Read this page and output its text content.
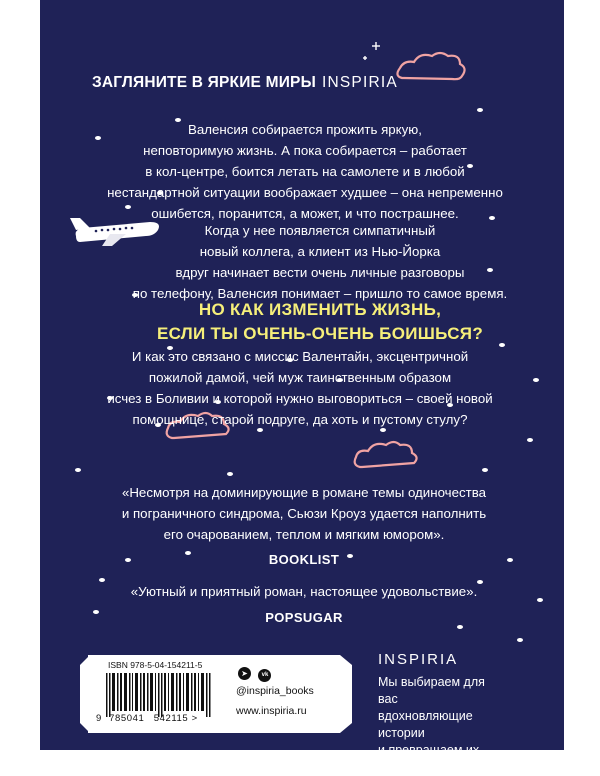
ЗАГЛЯНИТЕ В ЯРКИЕ МИРЫ INSPIRIA
Валенсия собирается прожить яркую,
неповторимую жизнь. А пока собирается – работает
в кол-центре, боится летать на самолете и в любой
нестандартной ситуации воображает худшее – она непременно
ошибется, поранится, а может, и что пострашнее.
Когда у нее появляется симпатичный
новый коллега, а клиент из Нью-Йорка
вдруг начинает вести очень личные разговоры
по телефону, Валенсия понимает – пришло то самое время.
НО КАК ИЗМЕНИТЬ ЖИЗНЬ,
ЕСЛИ ТЫ ОЧЕНЬ-ОЧЕНЬ БОИШЬСЯ?
И как это связано с миссис Валентайн, эксцентричной
пожилой дамой, чей муж таинственным образом
исчез в Боливии и которой нужно выговориться – своей новой
помощнице, старой подруге, да хоть и пустому стулу?
«Несмотря на доминирующие в романе темы одиночества
и пограничного синдрома, Сьюзи Кроуз удается наполнить
его очарованием, теплом и мягким юмором».
BOOKLIST
«Уютный и приятный роман, настоящее удовольствие».
POPSUGAR
ISBN 978-5-04-154211-5
9 785041 542115 >
➤ vk
@inspiria_books
www.inspiria.ru
INSPIRIA
Мы выбираем для вас
вдохновляющие истории
и превращаем их
в особенные книги
